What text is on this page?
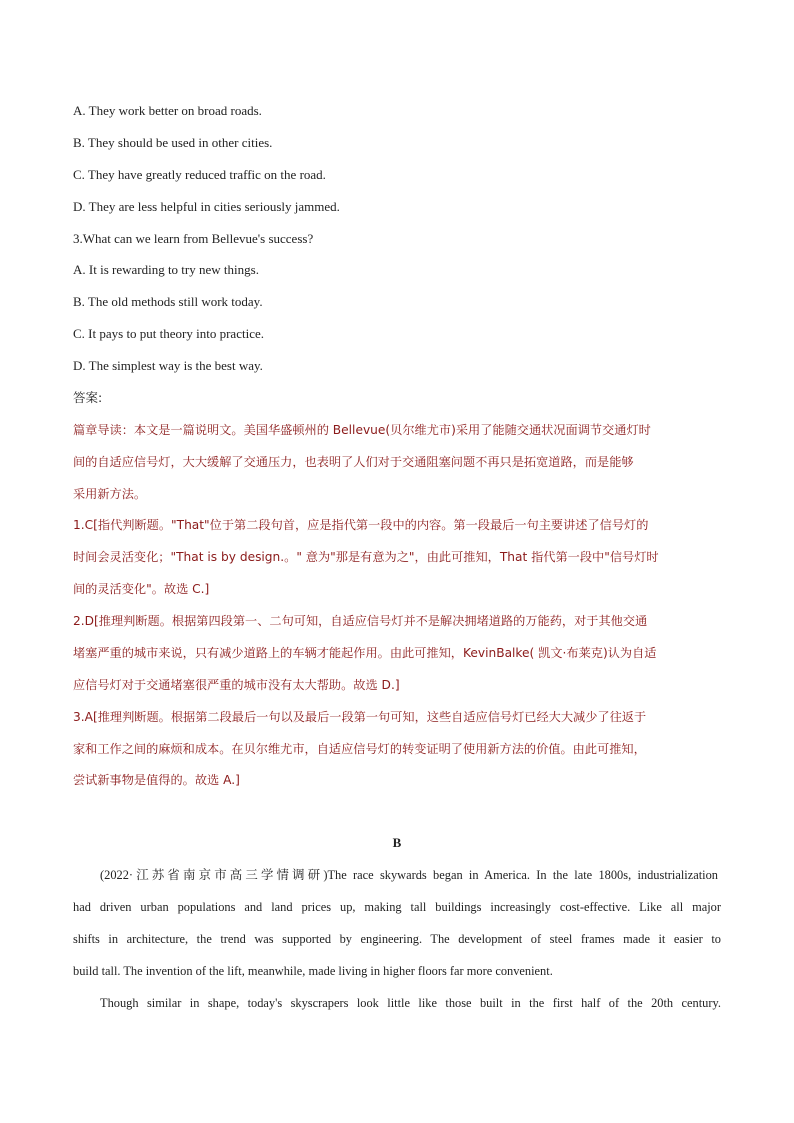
A. They work better on broad roads.
B. They should be used in other cities.
C. They have greatly reduced traffic on the road.
D. They are less helpful in cities seriously jammed.
3.What can we learn from Bellevue's success?
A. It is rewarding to try new things.
B. The old methods still work today.
C. It pays to put theory into practice.
D. The simplest way is the best way.
答案:
篇章导读：本文是一篇说明文。美国华盛顿州的 Bellevue(贝尔维尤市)采用了能随交通状况面调节交通灯时
间的自适应信号灯，大大缓解了交通压力，也表明了人们对于交通阻塞问题不再只是拓宽道路，而是能够
采用新方法。
1.C[指代判断题。"That"位于第二段句首，应是指代第一段中的内容。第一段最后一句主要讲述了信号灯的
时间会灵活变化；"That is by design.。" 意为"那是有意为之"，由此可推知，That 指代第一段中"信号灯时
间的灵活变化"。故选 C.]
2.D[推理判断题。根据第四段第一、二句可知，自适应信号灯并不是解决拥堵道路的万能药，对于其他交通
堵塞严重的城市来说，只有减少道路上的车辆才能起作用。由此可推知，KevinBalke( 凯文·布莱克)认为自适
应信号灯对于交通堵塞很严重的城市没有太大帮助。故选 D.]
3.A[推理判断题。根据第二段最后一句以及最后一段第一句可知，这些自适应信号灯已经大大减少了往返于
家和工作之间的麻烦和成本。在贝尔维尤市，自适应信号灯的转变证明了使用新方法的价值。由此可推知，
尝试新事物是值得的。故选 A.]
B
(2022·江苏省南京市高三学情调研)The race skywards began in America. In the late 1800s, industrialization
had driven urban populations and land prices up, making tall buildings increasingly cost-effective. Like all major
shifts in architecture, the trend was supported by engineering. The development of steel frames made it easier to
build tall. The invention of the lift, meanwhile, made living in higher floors far more convenient.
Though similar in shape, today's skyscrapers look little like those built in the first half of the 20th century.
